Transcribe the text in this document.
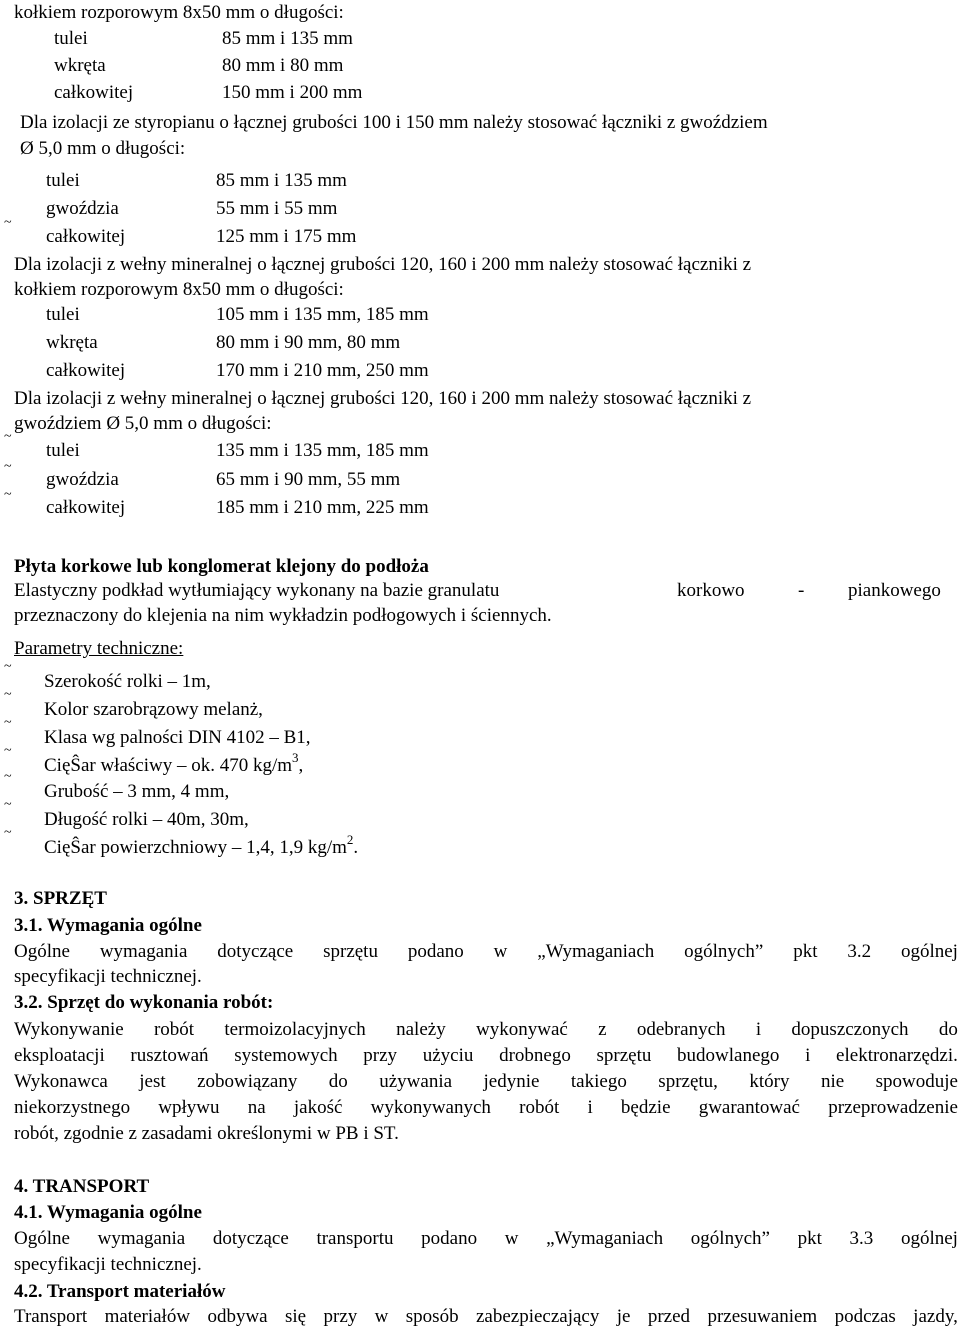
kołkiem rozporowym 8x50 mm o długości:
tulei	85 mm i 135 mm
wkręta	80 mm i 80 mm
całkowitej	150 mm i 200 mm
Dla izolacji ze styropianu o łącznej grubości 100 i 150 mm należy stosować łączniki z gwoździem
Ø 5,0 mm o długości:
tulei	85 mm i 135 mm
gwoździa	55 mm i 55 mm
~
całkowitej	125 mm i 175 mm
Dla izolacji z wełny mineralnej o łącznej grubości 120, 160 i 200 mm należy stosować łączniki z
kołkiem rozporowym 8x50 mm o długości:
tulei	105 mm i 135 mm, 185 mm
wkręta	80 mm i 90 mm, 80 mm
całkowitej	170 mm i 210 mm, 250 mm
Dla izolacji z wełny mineralnej o łącznej grubości 120, 160 i 200 mm należy stosować łączniki z
~
gwoździem Ø 5,0 mm o długości:
tulei	135 mm i 135 mm, 185 mm
~
gwoździa	65 mm i 90 mm, 55 mm
~
całkowitej	185 mm i 210 mm, 225 mm
Płyta korkowe lub konglomerat klejony do podłoża
Elastyczny podkład wytłumiający wykonany na bazie granulatu	korkowo	- piankowego
przeznaczony do klejenia na nim wykładzin podłogowych i ściennych.
Parametry techniczne:
~
Szerokość rolki – 1m,
~
Kolor szarobrązowy melanż,
~
Klasa wg palności DIN 4102 – B1,
~
CięŜar właściwy – ok. 470 $kg/m^3$,
~
Grubość – 3 mm, 4 mm,
~
Długość rolki – 40m, 30m,
~
CięŜar powierzchniowy – 1,4, 1,9 $kg/m^2$.
3. SPRZĘT
3.1. Wymagania ogólne
Ogólne wymagania dotyczące sprzętu podano w „Wymaganiach ogólnych” pkt 3.2 ogólnej
specyfikacji technicznej.
3.2. Sprzęt do wykonania robót:
Wykonywanie robót termoizolacyjnych należy wykonywać z odebranych i dopuszczonych do
eksploatacji rusztowań systemowych przy użyciu drobnego sprzętu budowlanego i elektronarzędzi.
Wykonawca jest zobowiązany do używania jedynie takiego sprzętu, który nie spowoduje
niekorzystnego wpływu na jakość wykonywanych robót i będzie gwarantować przeprowadzenie
robót, zgodnie z zasadami określonymi w PB i ST.
4. TRANSPORT
4.1. Wymagania ogólne
Ogólne wymagania dotyczące transportu podano w „Wymaganiach ogólnych” pkt 3.3 ogólnej
specyfikacji technicznej.
4.2. Transport materiałów
Transport materiałów odbywa się przy w sposób zabezpieczający je przed przesuwaniem podczas jazdy,
